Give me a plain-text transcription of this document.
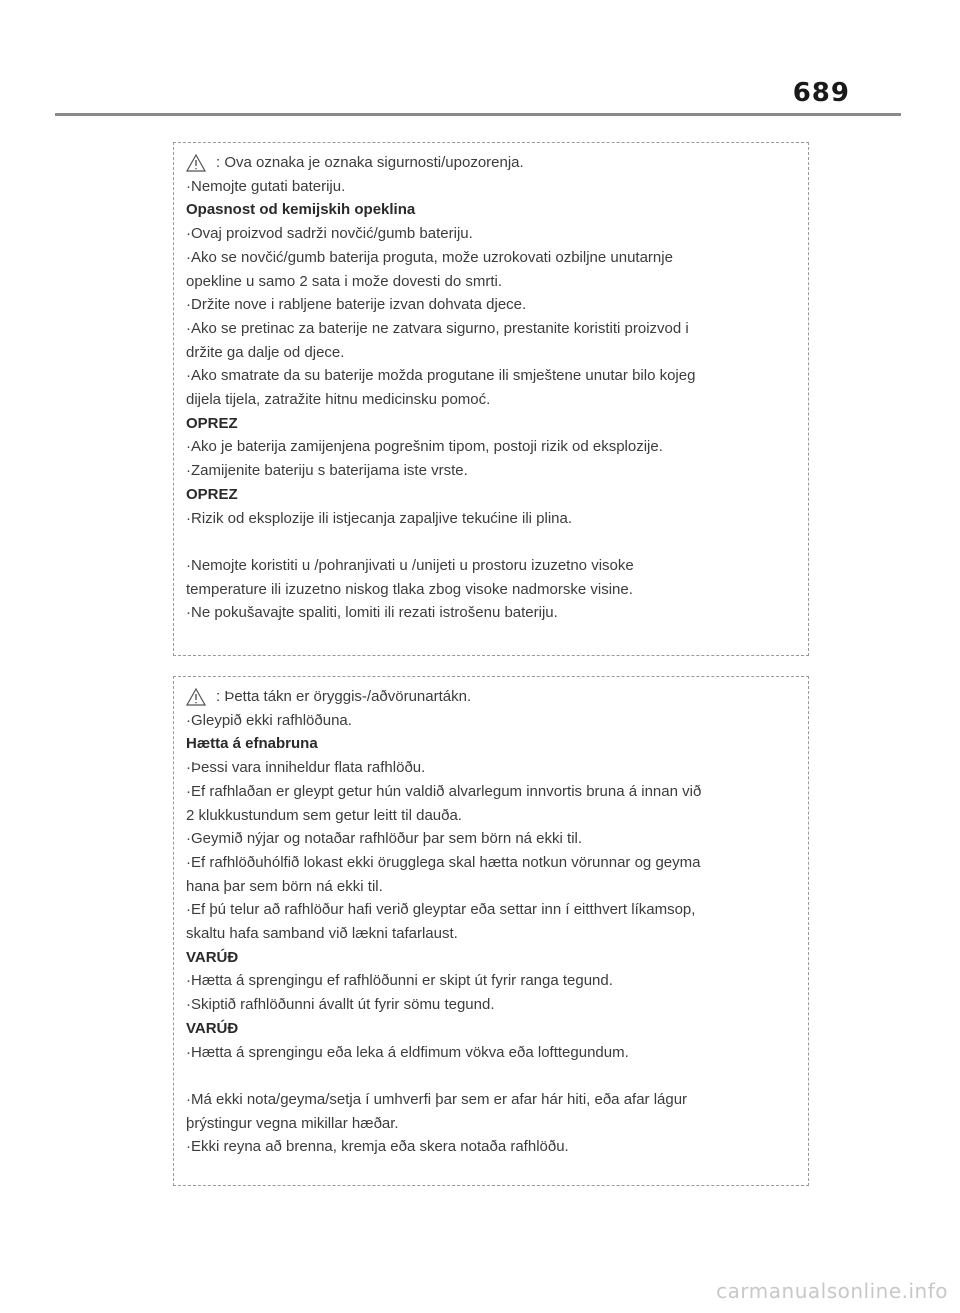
689
: Ova oznaka je oznaka sigurnosti/upozorenja.
·Nemojte gutati bateriju.
Opasnost od kemijskih opeklina
·Ovaj proizvod sadrži novčić/gumb bateriju.
·Ako se novčić/gumb baterija proguta, može uzrokovati ozbiljne unutarnje
opekline u samo 2 sata i može dovesti do smrti.
·Držite nove i rabljene baterije izvan dohvata djece.
·Ako se pretinac za baterije ne zatvara sigurno, prestanite koristiti proizvod i
držite ga dalje od djece.
·Ako smatrate da su baterije možda progutane ili smještene unutar bilo kojeg
dijela tijela, zatražite hitnu medicinsku pomoć.
OPREZ
·Ako je baterija zamijenjena pogrešnim tipom, postoji rizik od eksplozije.
·Zamijenite bateriju s baterijama iste vrste.
OPREZ
·Rizik od eksplozije ili istjecanja zapaljive tekućine ili plina.
·Nemojte koristiti u /pohranjivati u /unijeti u prostoru izuzetno visoke
temperature ili izuzetno niskog tlaka zbog visoke nadmorske visine.
·Ne pokušavajte spaliti, lomiti ili rezati istrošenu bateriju.
: Þetta tákn er öryggis-/aðvörunartákn.
·Gleypið ekki rafhlöðuna.
Hætta á efnabruna
·Þessi vara inniheldur flata rafhlöðu.
·Ef rafhlaðan er gleypt getur hún valdið alvarlegum innvortis bruna á innan við
2 klukkustundum sem getur leitt til dauða.
·Geymið nýjar og notaðar rafhlöður þar sem börn ná ekki til.
·Ef rafhlöðuhólfið lokast ekki örugglega skal hætta notkun vörunnar og geyma
hana þar sem börn ná ekki til.
·Ef þú telur að rafhlöður hafi verið gleyptar eða settar inn í eitthvert líkamsop,
skaltu hafa samband við lækni tafarlaust.
VARÚÐ
·Hætta á sprengingu ef rafhlöðunni er skipt út fyrir ranga tegund.
·Skiptið rafhlöðunni ávallt út fyrir sömu tegund.
VARÚÐ
·Hætta á sprengingu eða leka á eldfimum vökva eða lofttegundum.
·Má ekki nota/geyma/setja í umhverfi þar sem er afar hár hiti, eða afar lágur
þrýstingur vegna mikillar hæðar.
·Ekki reyna að brenna, kremja eða skera notaða rafhlöðu.
carmanualsonline.info
